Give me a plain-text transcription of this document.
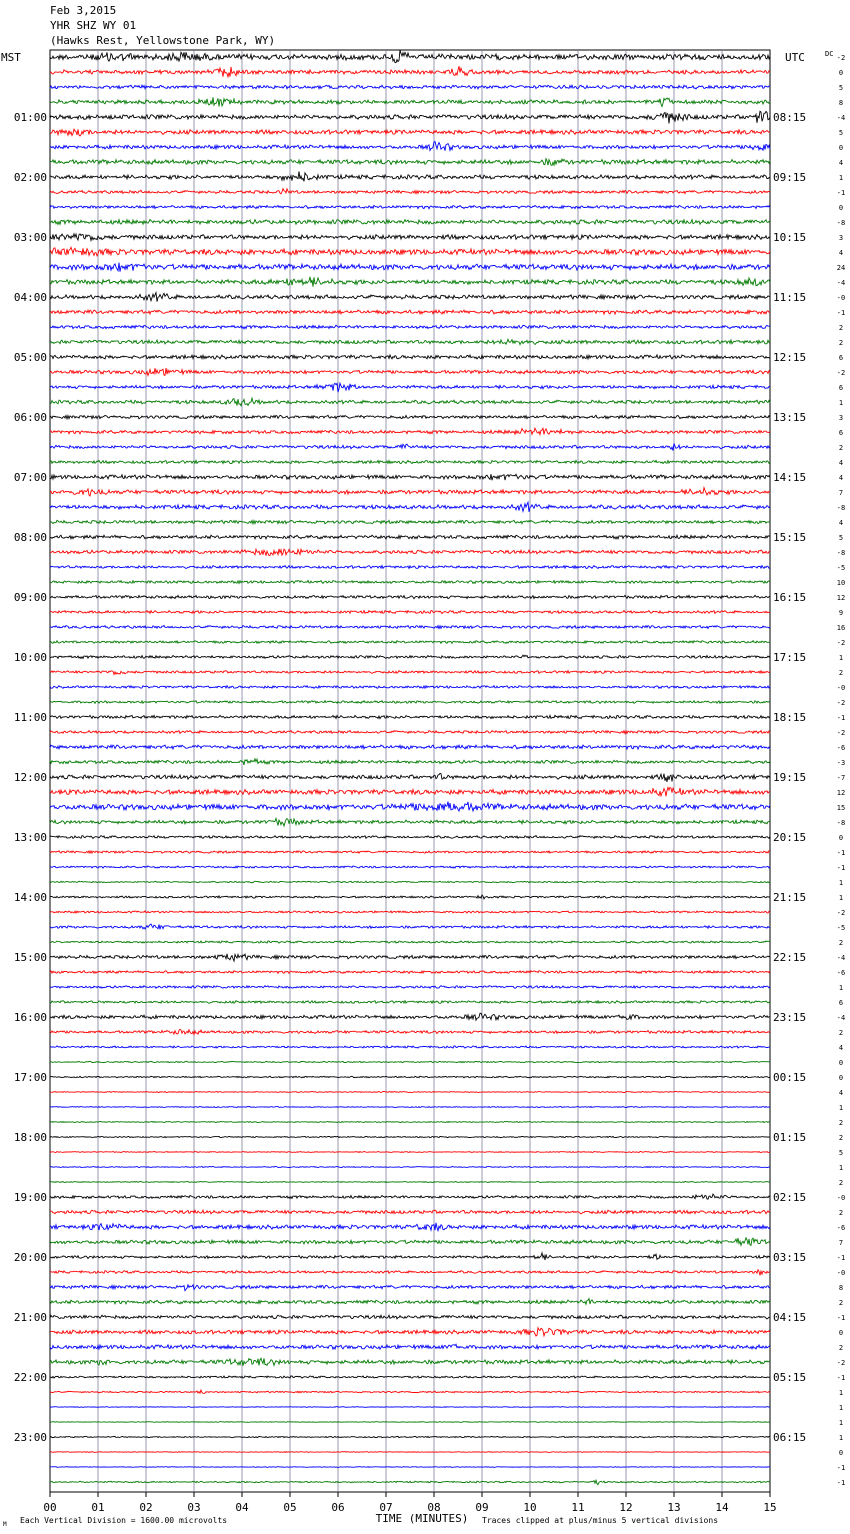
-2
0
5
8
-4
5
0
4
1
-1
0
-8
3
4
24
-4
-0
-1
2
2
6
-2
6
1
3
6
2
4
4
7
-8
4
5
-8
-5
10
12
9
16
-2
1
2
-0
-2
-1
-2
-6
-3
-7
12
15
-8
0
-1
-1
1
1
-2
-5
2
-4
-6
1
6
-4
2
4
0
0
4
1
2
2
5
1
2
-0
2
-6
7
-1
-0
8
2
-1
0
2
-2
-1
1
1
1
1
0
-1
-1
01:00
02:00
03:00
04:00
05:00
06:00
07:00
08:00
09:00
10:00
11:00
12:00
13:00
14:00
15:00
16:00
17:00
18:00
19:00
20:00
21:00
22:00
23:00
08:15
09:15
10:15
11:15
12:15
13:15
14:15
15:15
16:15
17:15
18:15
19:15
20:15
21:15
22:15
23:15
00:15
01:15
02:15
03:15
04:15
05:15
06:15
MST	UTC	DC
00	01	02	03	04	05	06	07	08	09	10	11	12	13	14	15
TIME (MINUTES)
Each Vertical Division = 1600.00 microvolts	Traces clipped at plus/minus 5 vertical divisions
M
Feb 3,2015
YHR SHZ WY 01
(Hawks Rest, Yellowstone Park, WY)
